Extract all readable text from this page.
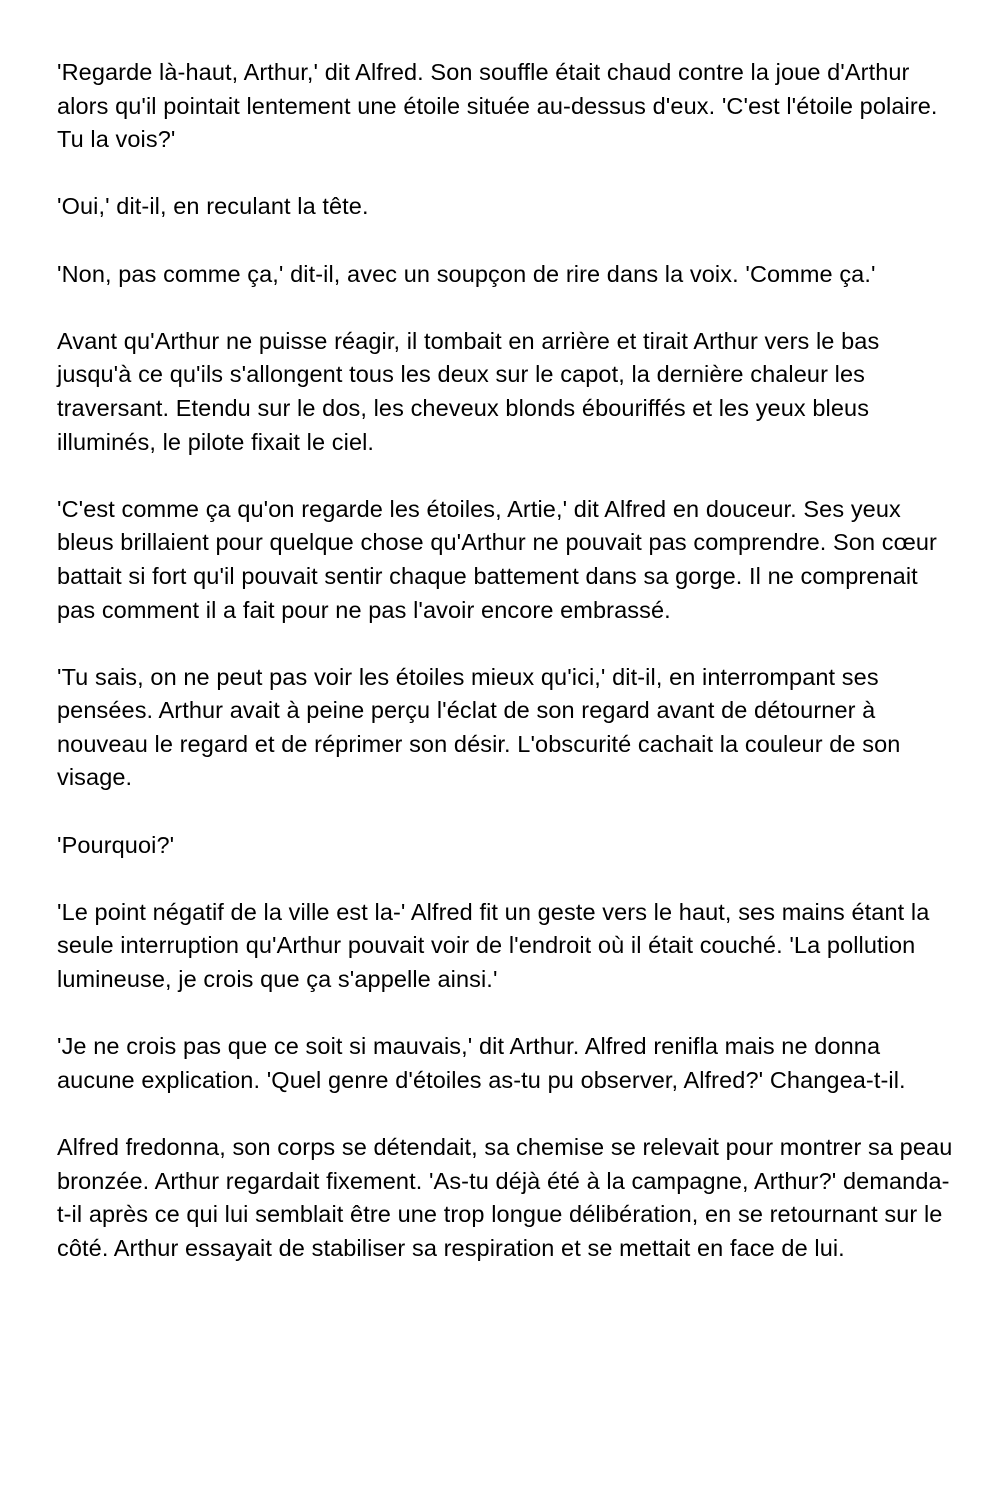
'Regarde là-haut, Arthur,' dit Alfred. Son souffle était chaud contre la joue d'Arthur alors qu'il pointait lentement une étoile située au-dessus d'eux. 'C'est l'étoile polaire. Tu la vois?'

'Oui,' dit-il, en reculant la tête.

'Non, pas comme ça,' dit-il, avec un soupçon de rire dans la voix. 'Comme ça.'

Avant qu'Arthur ne puisse réagir, il tombait en arrière et tirait Arthur vers le bas jusqu'à ce qu'ils s'allongent tous les deux sur le capot, la dernière chaleur les traversant. Etendu sur le dos, les cheveux blonds ébouriffés et les yeux bleus illuminés, le pilote fixait le ciel.

'C'est comme ça qu'on regarde les étoiles, Artie,' dit Alfred en douceur. Ses yeux bleus brillaient pour quelque chose qu'Arthur ne pouvait pas comprendre. Son cœur battait si fort qu'il pouvait sentir chaque battement dans sa gorge. Il ne comprenait pas comment il a fait pour ne pas l'avoir encore embrassé.

'Tu sais, on ne peut pas voir les étoiles mieux qu'ici,' dit-il, en interrompant ses pensées. Arthur avait à peine perçu l'éclat de son regard avant de détourner à nouveau le regard et de réprimer son désir. L'obscurité cachait la couleur de son visage.

'Pourquoi?'

'Le point négatif de la ville est la-' Alfred fit un geste vers le haut, ses mains étant la seule interruption qu'Arthur pouvait voir de l'endroit où il était couché. 'La pollution lumineuse, je crois que ça s'appelle ainsi.'

'Je ne crois pas que ce soit si mauvais,' dit Arthur. Alfred renifla mais ne donna aucune explication. 'Quel genre d'étoiles as-tu pu observer, Alfred?' Changea-t-il.

Alfred fredonna, son corps se détendait, sa chemise se relevait pour montrer sa peau bronzée. Arthur regardait fixement. 'As-tu déjà été à la campagne, Arthur?' demanda-t-il après ce qui lui semblait être une trop longue délibération, en se retournant sur le côté. Arthur essayait de stabiliser sa respiration et se mettait en face de lui.
